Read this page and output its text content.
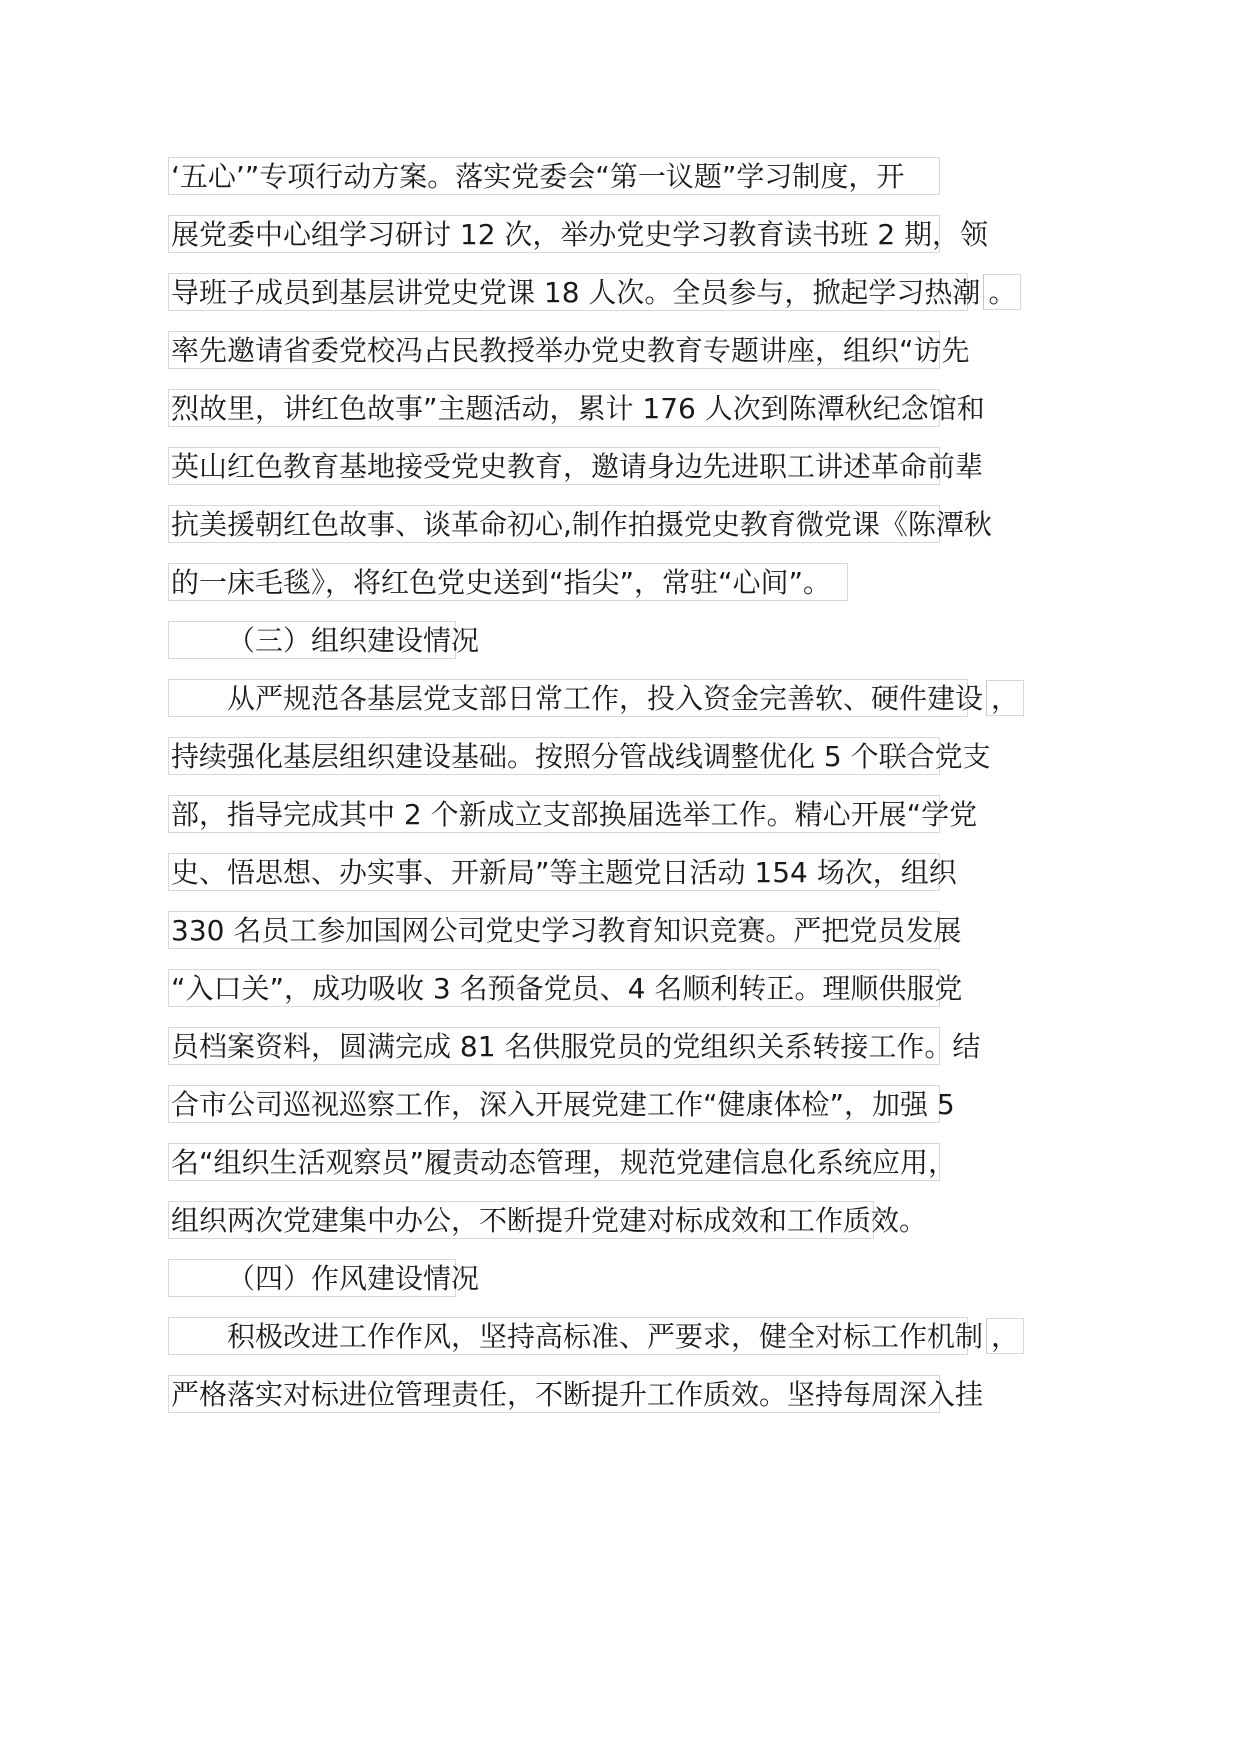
‘五心’”专项行动方案。落实党委会“第一议题”学习制度，开
展党委中心组学习研讨 12 次，举办党史学习教育读书班 2 期，领
导班子成员到基层讲党史党课 18 人次。全员参与，掀起学习热潮 。
率先邀请省委党校冯占民教授举办党史教育专题讲座，组织“访先
烈故里，讲红色故事”主题活动，累计 176 人次到陈潭秋纪念馆和
英山红色教育基地接受党史教育，邀请身边先进职工讲述革命前辈
抗美援朝红色故事、谈革命初心,制作拍摄党史教育微党课《陈潭秋
的一床毛毯》，将红色党史送到“指尖”，常驻“心间”。
（三）组织建设情况
从严规范各基层党支部日常工作，投入资金完善软、硬件建设 ，
持续强化基层组织建设基础。按照分管战线调整优化 5 个联合党支
部，指导完成其中 2 个新成立支部换届选举工作。精心开展“学党
史、悟思想、办实事、开新局”等主题党日活动 154 场次，组织
330 名员工参加国网公司党史学习教育知识竞赛。严把党员发展
“入口关”，成功吸收 3 名预备党员、4 名顺利转正。理顺供服党
员档案资料，圆满完成 81 名供服党员的党组织关系转接工作。结
合市公司巡视巡察工作，深入开展党建工作“健康体检”，加强 5
名“组织生活观察员”履责动态管理，规范党建信息化系统应用，
组织两次党建集中办公，不断提升党建对标成效和工作质效。
（四）作风建设情况
积极改进工作作风，坚持高标准、严要求，健全对标工作机制 ，
严格落实对标进位管理责任，不断提升工作质效。坚持每周深入挂
